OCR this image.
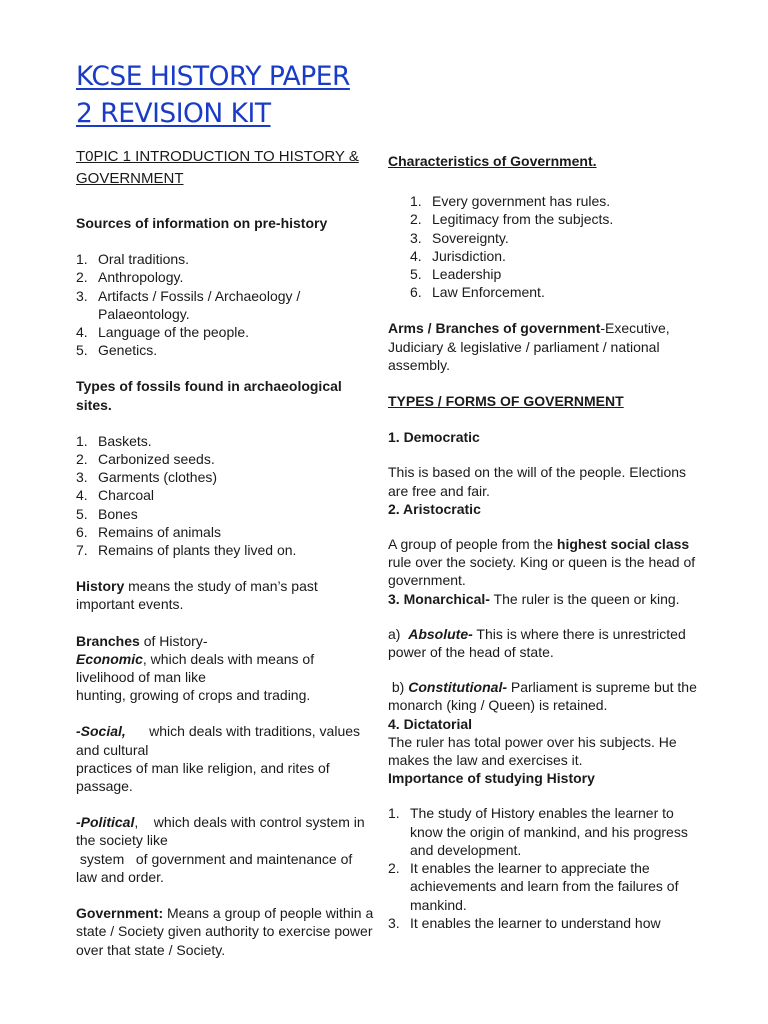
KCSE HISTORY PAPER
2 REVISION KIT
T0PIC 1 INTRODUCTION TO HISTORY & GOVERNMENT

Sources of information on pre-history

1. Oral traditions.
2. Anthropology.
3. Artifacts / Fossils / Archaeology / Palaeontology.
4. Language of the people.
5. Genetics.

Types of fossils found in archaeological sites.

1. Baskets.
2. Carbonized seeds.
3. Garments (clothes)
4. Charcoal
5. Bones
6. Remains of animals
7. Remains of plants they lived on.

History means the study of man’s past important events.

Branches of History-

Economic, which deals with means of livelihood of man like

hunting, growing of crops and trading.

-Social,      which deals with traditions, values and cultural

practices of man like religion, and rites of passage.

-Political,    which deals with control system in the society like

system   of government and maintenance of law and order.

Government: Means a group of people within a state / Society given authority to exercise power over that state / Society.

Characteristics of Government.

1. Every government has rules.
2. Legitimacy from the subjects.
3. Sovereignty.
4. Jurisdiction.
5. Leadership
6. Law Enforcement.

Arms / Branches of government-Executive, Judiciary & legislative / parliament / national assembly.

TYPES / FORMS OF GOVERNMENT

1. Democratic

This is based on the will of the people. Elections are free and fair.

2. Aristocratic

A group of people from the highest social class rule over the society. King or queen is the head of government.

3. Monarchical- The ruler is the queen or king.

a)  Absolute- This is where there is unrestricted power of the head of state.

b) Constitutional- Parliament is supreme but the monarch (king / Queen) is retained.

4. Dictatorial

The ruler has total power over his subjects. He makes the law and exercises it.

Importance of studying History

1. The study of History enables the learner to know the origin of mankind, and his progress and development.
2. It enables the learner to appreciate the achievements and learn from the failures of mankind.
3. It enables the learner to understand how
